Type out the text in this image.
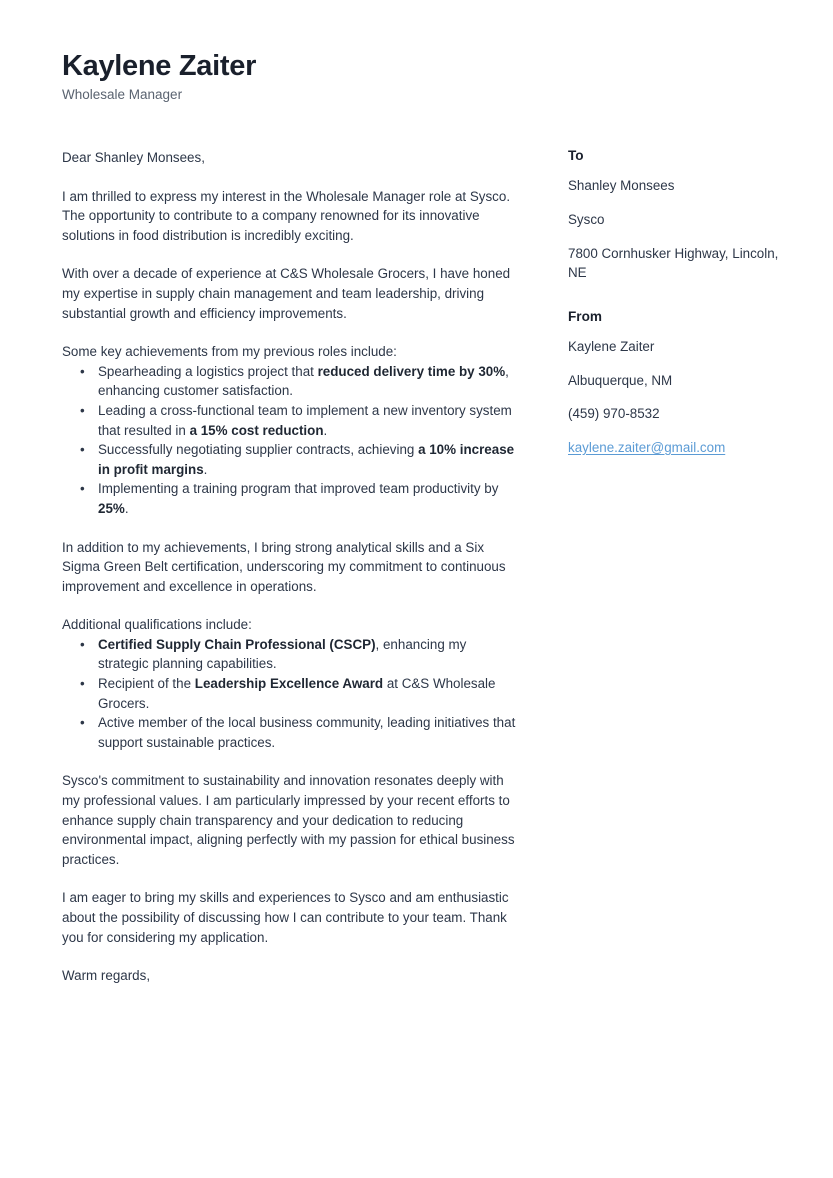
Kaylene Zaiter
Wholesale Manager

Dear Shanley Monsees,

I am thrilled to express my interest in the Wholesale Manager role at Sysco. The opportunity to contribute to a company renowned for its innovative solutions in food distribution is incredibly exciting.

With over a decade of experience at C&S Wholesale Grocers, I have honed my expertise in supply chain management and team leadership, driving substantial growth and efficiency improvements.

Some key achievements from my previous roles include:

• Spearheading a logistics project that reduced delivery time by 30%, enhancing customer satisfaction.
• Leading a cross-functional team to implement a new inventory system that resulted in a 15% cost reduction.
• Successfully negotiating supplier contracts, achieving a 10% increase in profit margins.
• Implementing a training program that improved team productivity by 25%.

In addition to my achievements, I bring strong analytical skills and a Six Sigma Green Belt certification, underscoring my commitment to continuous improvement and excellence in operations.

Additional qualifications include:

• Certified Supply Chain Professional (CSCP), enhancing my strategic planning capabilities.
• Recipient of the Leadership Excellence Award at C&S Wholesale Grocers.
• Active member of the local business community, leading initiatives that support sustainable practices.

Sysco's commitment to sustainability and innovation resonates deeply with my professional values. I am particularly impressed by your recent efforts to enhance supply chain transparency and your dedication to reducing environmental impact, aligning perfectly with my passion for ethical business practices.

I am eager to bring my skills and experiences to Sysco and am enthusiastic about the possibility of discussing how I can contribute to your team. Thank you for considering my application.

Warm regards,

To
Shanley Monsees
Sysco
7800 Cornhusker Highway, Lincoln, NE
From
Kaylene Zaiter
Albuquerque, NM
(459) 970-8532
kaylene.zaiter@gmail.com
